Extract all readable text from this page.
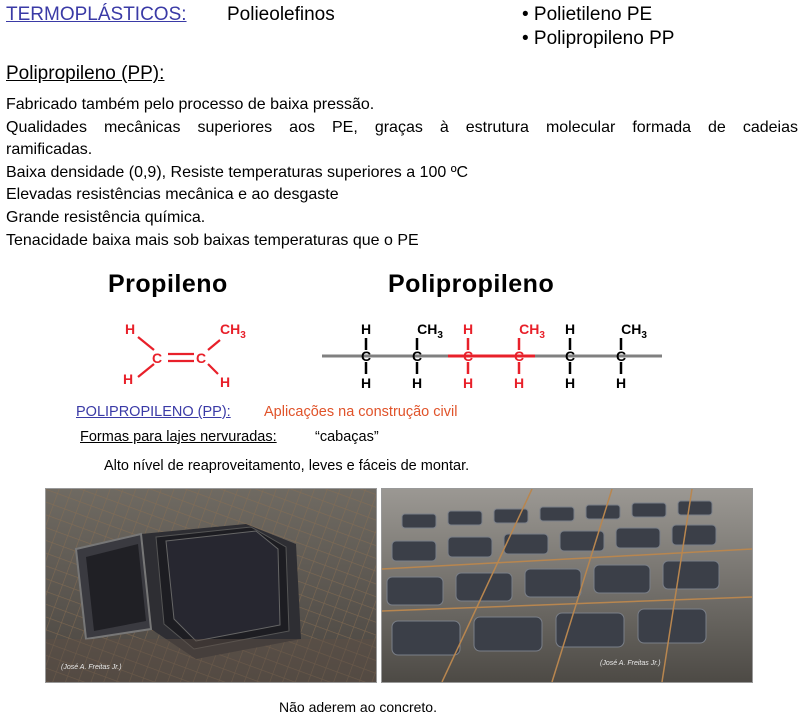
TERMOPLÁSTICOS: Polieolefinos	• Polietileno PE
• Polipropileno PP
Polipropileno (PP):
Fabricado também pelo processo de baixa pressão.
Qualidades mecânicas superiores aos PE, graças à estrutura molecular formada de cadeias
ramificadas.
Baixa densidade (0,9), Resiste temperaturas superiores a 100 ºC
Elevadas resistências mecânica e ao desgaste
Grande resistência química.
Tenacidade baixa mais sob baixas temperaturas que o PE
Propileno	Polipropileno
H
H
C C
H
$CH_3$
C	C	C	C	C	C
H	$CH_3$ H	$CH_3$ H	$CH_3$
H	H	H	H	H	H
POLIPROPILENO (PP): Aplicações na construção civil
Formas para lajes nervuradas:	“cabaças”
Alto nível de reaproveitamento, leves e fáceis de montar.
(José A. Freitas Jr.)
(José A. Freitas Jr.)
Não aderem ao concreto.
